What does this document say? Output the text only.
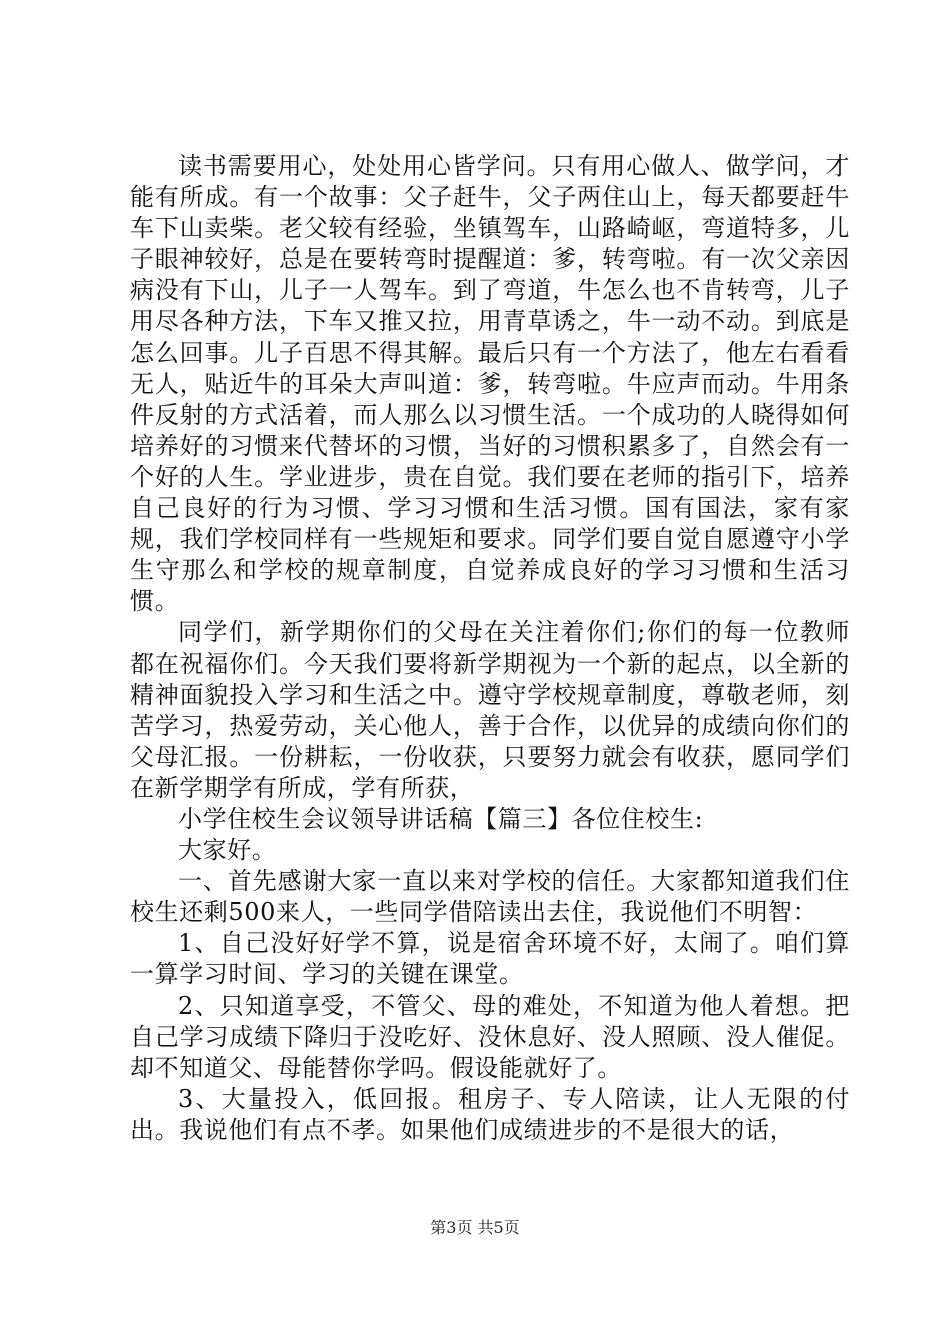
读书需要用心，处处用心皆学问。只有用心做人、做学问，才能有所成。有一个故事：父子赶牛，父子两住山上，每天都要赶牛车下山卖柴。老父较有经验，坐镇驾车，山路崎岖，弯道特多，儿子眼神较好，总是在要转弯时提醒道：爹，转弯啦。有一次父亲因病没有下山，儿子一人驾车。到了弯道，牛怎么也不肯转弯，儿子用尽各种方法，下车又推又拉，用青草诱之，牛一动不动。到底是怎么回事。儿子百思不得其解。最后只有一个方法了，他左右看看无人，贴近牛的耳朵大声叫道：爹，转弯啦。牛应声而动。牛用条件反射的方式活着，而人那么以习惯生活。一个成功的人晓得如何培养好的习惯来代替坏的习惯，当好的习惯积累多了，自然会有一个好的人生。学业进步，贵在自觉。我们要在老师的指引下，培养自己良好的行为习惯、学习习惯和生活习惯。国有国法，家有家规，我们学校同样有一些规矩和要求。同学们要自觉自愿遵守小学生守那么和学校的规章制度，自觉养成良好的学习习惯和生活习惯。

同学们，新学期你们的父母在关注着你们;你们的每一位教师都在祝福你们。今天我们要将新学期视为一个新的起点，以全新的精神面貌投入学习和生活之中。遵守学校规章制度，尊敬老师，刻苦学习，热爱劳动，关心他人，善于合作，以优异的成绩向你们的父母汇报。一份耕耘，一份收获，只要努力就会有收获，愿同学们在新学期学有所成，学有所获，

小学住校生会议领导讲话稿【篇三】各位住校生:

大家好。

一、首先感谢大家一直以来对学校的信任。大家都知道我们住校生还剩500来人，一些同学借陪读出去住，我说他们不明智：

1、自己没好好学不算，说是宿舍环境不好，太闹了。咱们算一算学习时间、学习的关键在课堂。

2、只知道享受，不管父、母的难处，不知道为他人着想。把自己学习成绩下降归于没吃好、没休息好、没人照顾、没人催促。却不知道父、母能替你学吗。假设能就好了。

3、大量投入，低回报。租房子、专人陪读，让人无限的付出。我说他们有点不孝。如果他们成绩进步的不是很大的话，

第3页 共5页
